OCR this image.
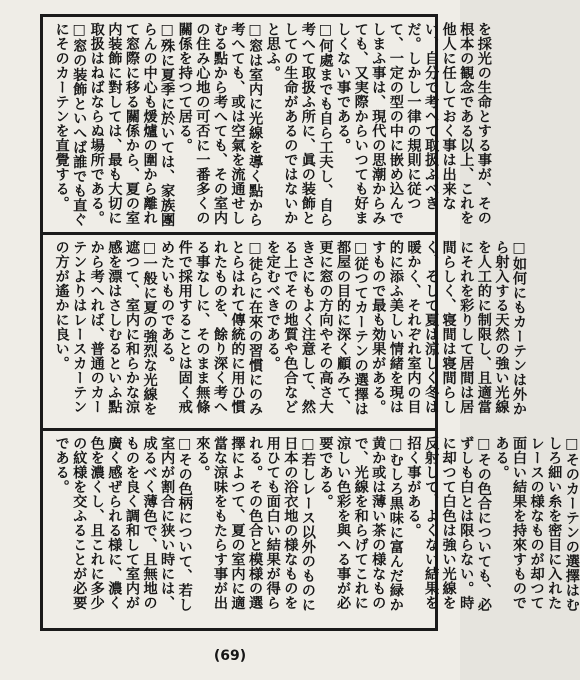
を採光の生命とする事が、その根本の観念である以上、これを他人に任しておく事は出来ない、自分で考へて取扱ふべきだ。しかし一律の規則に従つて、一定の型の中に嵌め込んでしまふ事は、現代の思潮からみても、又実際からいつても好ましくない事である。

□何處までも自ら工夫し、自ら考へて取扱ふ所に、眞の装飾としての生命があるのではないかと思ふ。

□窓は室内に光線を導く點から考へても、或は空氣を流通せしむる點から考へても、その室内の住み心地の可否に一番多くの關係を持つて居る。

□殊に夏季に於いては、家族團らんの中心も煖爐の圍から離れて窓際に移る關係から、夏の室内装飾に對しては、最も大切に取扱はねばならぬ場所である。

□窓の装飾といへば誰でも直ぐにそのカーテンを直覺する。

□如何にもカーテンは外から射入する天然の強い光線を人工的に制限し、且適當にそれを彩りして居間は居間らしく、寝間は寝間らしく、そして夏は涼しく冬は暖かく、それぞれ室内の目的に添ふ美しい情緒を現はすもので最も効果がある。

□従つてカーテンの選擇は都屋の目的に深く顧みて、更に窓の方向やその高さ大きさにもよく注意して、然る上でその地質や色合などを定むべきである。

□徒らに在來の習慣にのみとらはれて傳統的に用ひ慣れたものを、餘り深く考へる事なしに、そのまま無條件で採用することは固く戒めたいものである。

□一般に夏の強烈な光線を遮つて、室内に和らかな涼感を漂はさしむるといふ點から考へれば、普通のカーテンよりはレースカーテンの方が遙かに良い。

□そのカーテンの選擇はむしろ細い糸を密目に入れたレースの様なものが却つて面白い結果を持來すものである。

□その色合についても、必ずしも白とは限らない。時に却つて白色は強い光線を反射して、よくない結果を招く事がある。

□むしろ黒味に富んだ緑か黄か或は薄い茶の様なもので、光線を和らげてこれに涼しい色彩を與へる事が必要である。

□若しレース以外のものに日本の浴衣地の様なものを用ひても面白い結果が得られる。その色合と模様の選擇によつて、夏の室内に適當な涼味をもたらす事が出來る。

□その色柄について、若し室内が割合に狭い時には、成るべく薄色で、且無地のものを良く調和して室内が廣く感ぜられる様に、濃く色を濃くし、且これに多少の紋様を交ふることが必要である。

(69)
